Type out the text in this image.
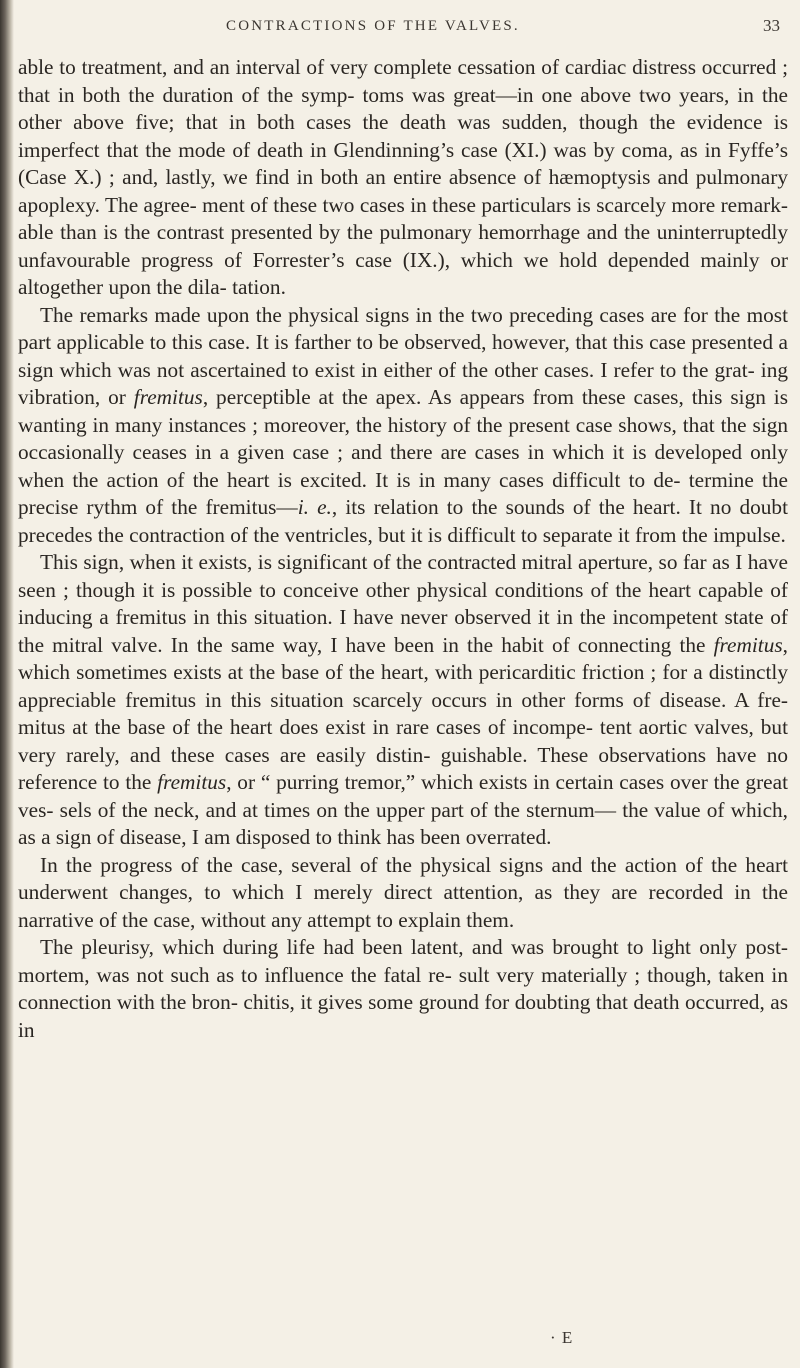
CONTRACTIONS OF THE VALVES.	33

able to treatment, and an interval of very complete cessation of cardiac distress occurred ; that in both the duration of the symp- toms was great—in one above two years, in the other above five; that in both cases the death was sudden, though the evidence is imperfect that the mode of death in Glendinning’s case (XI.) was by coma, as in Fyffe’s (Case X.) ; and, lastly, we find in both an entire absence of hæmoptysis and pulmonary apoplexy. The agree- ment of these two cases in these particulars is scarcely more remark- able than is the contrast presented by the pulmonary hemorrhage and the uninterruptedly unfavourable progress of Forrester’s case (IX.), which we hold depended mainly or altogether upon the dila- tation.

The remarks made upon the physical signs in the two preceding cases are for the most part applicable to this case. It is farther to be observed, however, that this case presented a sign which was not ascertained to exist in either of the other cases. I refer to the grat- ing vibration, or fremitus, perceptible at the apex. As appears from these cases, this sign is wanting in many instances ; moreover, the history of the present case shows, that the sign occasionally ceases in a given case ; and there are cases in which it is developed only when the action of the heart is excited. It is in many cases difficult to de- termine the precise rythm of the fremitus—i. e., its relation to the sounds of the heart. It no doubt precedes the contraction of the ventricles, but it is difficult to separate it from the impulse.

This sign, when it exists, is significant of the contracted mitral aperture, so far as I have seen ; though it is possible to conceive other physical conditions of the heart capable of inducing a fremitus in this situation. I have never observed it in the incompetent state of the mitral valve. In the same way, I have been in the habit of connecting the fremitus, which sometimes exists at the base of the heart, with pericarditic friction ; for a distinctly appreciable fremitus in this situation scarcely occurs in other forms of disease. A fre- mitus at the base of the heart does exist in rare cases of incompe- tent aortic valves, but very rarely, and these cases are easily distin- guishable. These observations have no reference to the fremitus, or “ purring tremor,” which exists in certain cases over the great ves- sels of the neck, and at times on the upper part of the sternum— the value of which, as a sign of disease, I am disposed to think has been overrated.

In the progress of the case, several of the physical signs and the action of the heart underwent changes, to which I merely direct attention, as they are recorded in the narrative of the case, without any attempt to explain them.

The pleurisy, which during life had been latent, and was brought to light only post-mortem, was not such as to influence the fatal re- sult very materially ; though, taken in connection with the bron- chitis, it gives some ground for doubting that death occurred, as in

· E
